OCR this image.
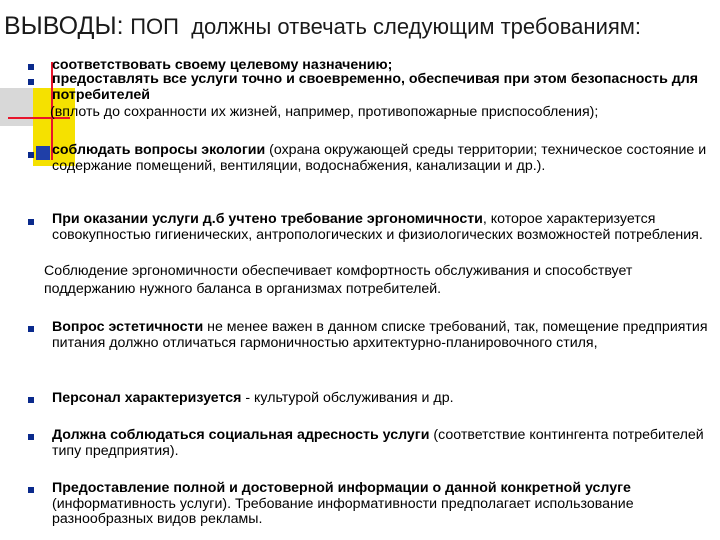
ВЫВОДЫ: ПОП  должны отвечать следующим требованиям:
соответствовать своему целевому назначению;
предоставлять все услуги точно и своевременно, обеспечивая при этом безопасность для потребителей
(вплоть до сохранности их жизней, например, противопожарные приспособления);
соблюдать вопросы экологии (охрана окружающей среды территории; техническое состояние и содержание помещений, вентиляции, водоснабжения, канализации и др.).
При оказании услуги д.б учтено требование эргономичности, которое характеризуется совокупностью гигиенических, антропологических и физиологических возможностей потребления.
Соблюдение эргономичности обеспечивает комфортность обслуживания и способствует поддержанию нужного баланса в организмах потребителей.
Вопрос эстетичности не менее важен в данном списке требований, так, помещение предприятия питания должно отличаться гармоничностью архитектурно-планировочного стиля,
Персонал характеризуется - культурой обслуживания и др.
Должна соблюдаться социальная адресность услуги (соответствие контингента потребителей типу предприятия).
Предоставление полной и достоверной информации о данной конкретной услуге (информативность услуги). Требование информативности предполагает использование разнообразных видов рекламы.
